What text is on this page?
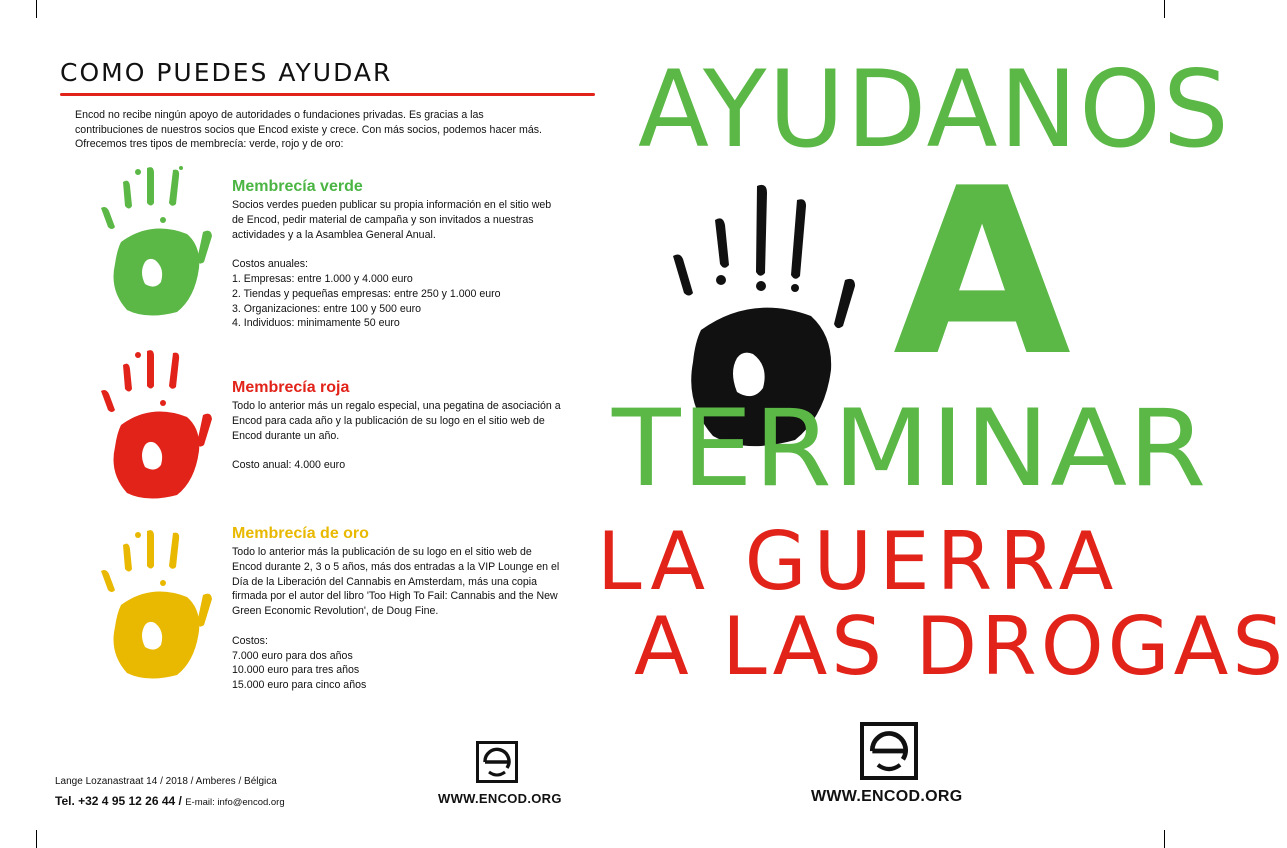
COMO PUEDES AYUDAR
Encod no recibe ningún apoyo de autoridades o fundaciones privadas. Es gracias a las contribuciones de nuestros socios que Encod existe y crece. Con más socios, podemos hacer más. Ofrecemos tres tipos de membrecía: verde, rojo y de oro:
Membrecía verde

Socios verdes pueden publicar su propia información en el sitio web de Encod, pedir material de campaña y son invitados a nuestras actividades y a la Asamblea General Anual.

Costos anuales:

1. Empresas: entre 1.000 y 4.000 euro

2. Tiendas y pequeñas empresas: entre 250 y 1.000 euro

3. Organizaciones: entre 100 y 500 euro

4. Individuos: minimamente 50 euro

Membrecía roja

Todo lo anterior más un regalo especial, una pegatina de asociación a Encod para cada año y la publicación de su logo en el sitio web de Encod durante un año.

Costo anual: 4.000 euro

Membrecía de oro

Todo lo anterior más la publicación de su logo en el sitio web de Encod durante 2, 3 o 5 años, más dos entradas a la VIP Lounge en el Día de la Liberación del Cannabis en Amsterdam, más una copia firmada por el autor del libro 'Too High To Fail: Cannabis and the New Green Economic Revolution', de Doug Fine.

Costos:

7.000 euro para dos años

10.000 euro para tres años

15.000 euro para cinco años

Lange Lozanastraat 14 / 2018 / Amberes / Bélgica
Tel. +32 4 95 12 26 44 / E-mail: info@encod.org	WWW.ENCOD.ORG
AYUDANOS
A
TERMINAR
LA GUERRA
A LAS DROGAS
WWW.ENCOD.ORG
